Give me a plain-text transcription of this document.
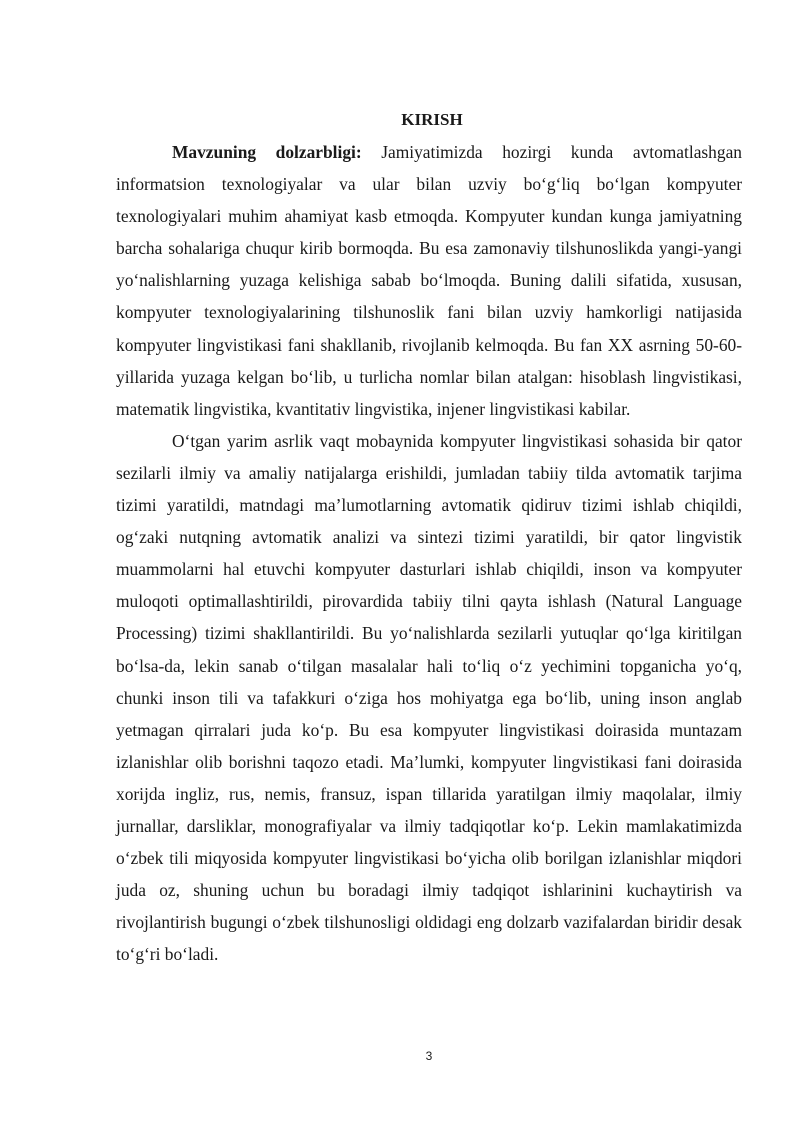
KIRISH

Mavzuning dolzarbligi: Jamiyatimizda hozirgi kunda avtomatlashgan informatsion texnologiyalar va ular bilan uzviy bo‘g‘liq bo‘lgan kompyuter texnologiyalari muhim ahamiyat kasb etmoqda. Kompyuter kundan kunga jamiyatning barcha sohalariga chuqur kirib bormoqda. Bu esa zamonaviy tilshunoslikda yangi-yangi yo‘nalishlarning yuzaga kelishiga sabab bo‘lmoqda. Buning dalili sifatida, xususan, kompyuter texnologiyalarining tilshunoslik fani bilan uzviy hamkorligi natijasida kompyuter lingvistikasi fani shakllanib, rivojlanib kelmoqda. Bu fan XX asrning 50-60-yillarida yuzaga kelgan bo‘lib, u turlicha nomlar bilan atalgan: hisoblash lingvistikasi, matematik lingvistika, kvantitativ lingvistika, injener lingvistikasi kabilar.

O‘tgan yarim asrlik vaqt mobaynida kompyuter lingvistikasi sohasida bir qator sezilarli ilmiy va amaliy natijalarga erishildi, jumladan tabiiy tilda avtomatik tarjima tizimi yaratildi, matndagi ma’lumotlarning avtomatik qidiruv tizimi ishlab chiqildi, og‘zaki nutqning avtomatik analizi va sintezi tizimi yaratildi, bir qator lingvistik muammolarni hal etuvchi kompyuter dasturlari ishlab chiqildi, inson va kompyuter muloqoti optimallashtirildi, pirovardida tabiiy tilni qayta ishlash (Natural Language Processing) tizimi shakllantirildi. Bu yo‘nalishlarda sezilarli yutuqlar qo‘lga kiritilgan bo‘lsa-da, lekin sanab o‘tilgan masalalar hali to‘liq o‘z yechimini topganicha yo‘q, chunki inson tili va tafakkuri o‘ziga hos mohiyatga ega bo‘lib, uning inson anglab yetmagan qirralari juda ko‘p. Bu esa kompyuter lingvistikasi doirasida muntazam izlanishlar olib borishni taqozo etadi. Ma’lumki, kompyuter lingvistikasi fani doirasida xorijda ingliz, rus, nemis, fransuz, ispan tillarida yaratilgan ilmiy maqolalar, ilmiy jurnallar, darsliklar, monografiyalar va ilmiy tadqiqotlar ko‘p. Lekin mamlakatimizda o‘zbek tili miqyosida kompyuter lingvistikasi bo‘yicha olib borilgan izlanishlar miqdori juda oz, shuning uchun bu boradagi ilmiy tadqiqot ishlarinini kuchaytirish va rivojlantirish bugungi o‘zbek tilshunosligi oldidagi eng dolzarb vazifalardan biridir desak to‘g‘ri bo‘ladi.

3
